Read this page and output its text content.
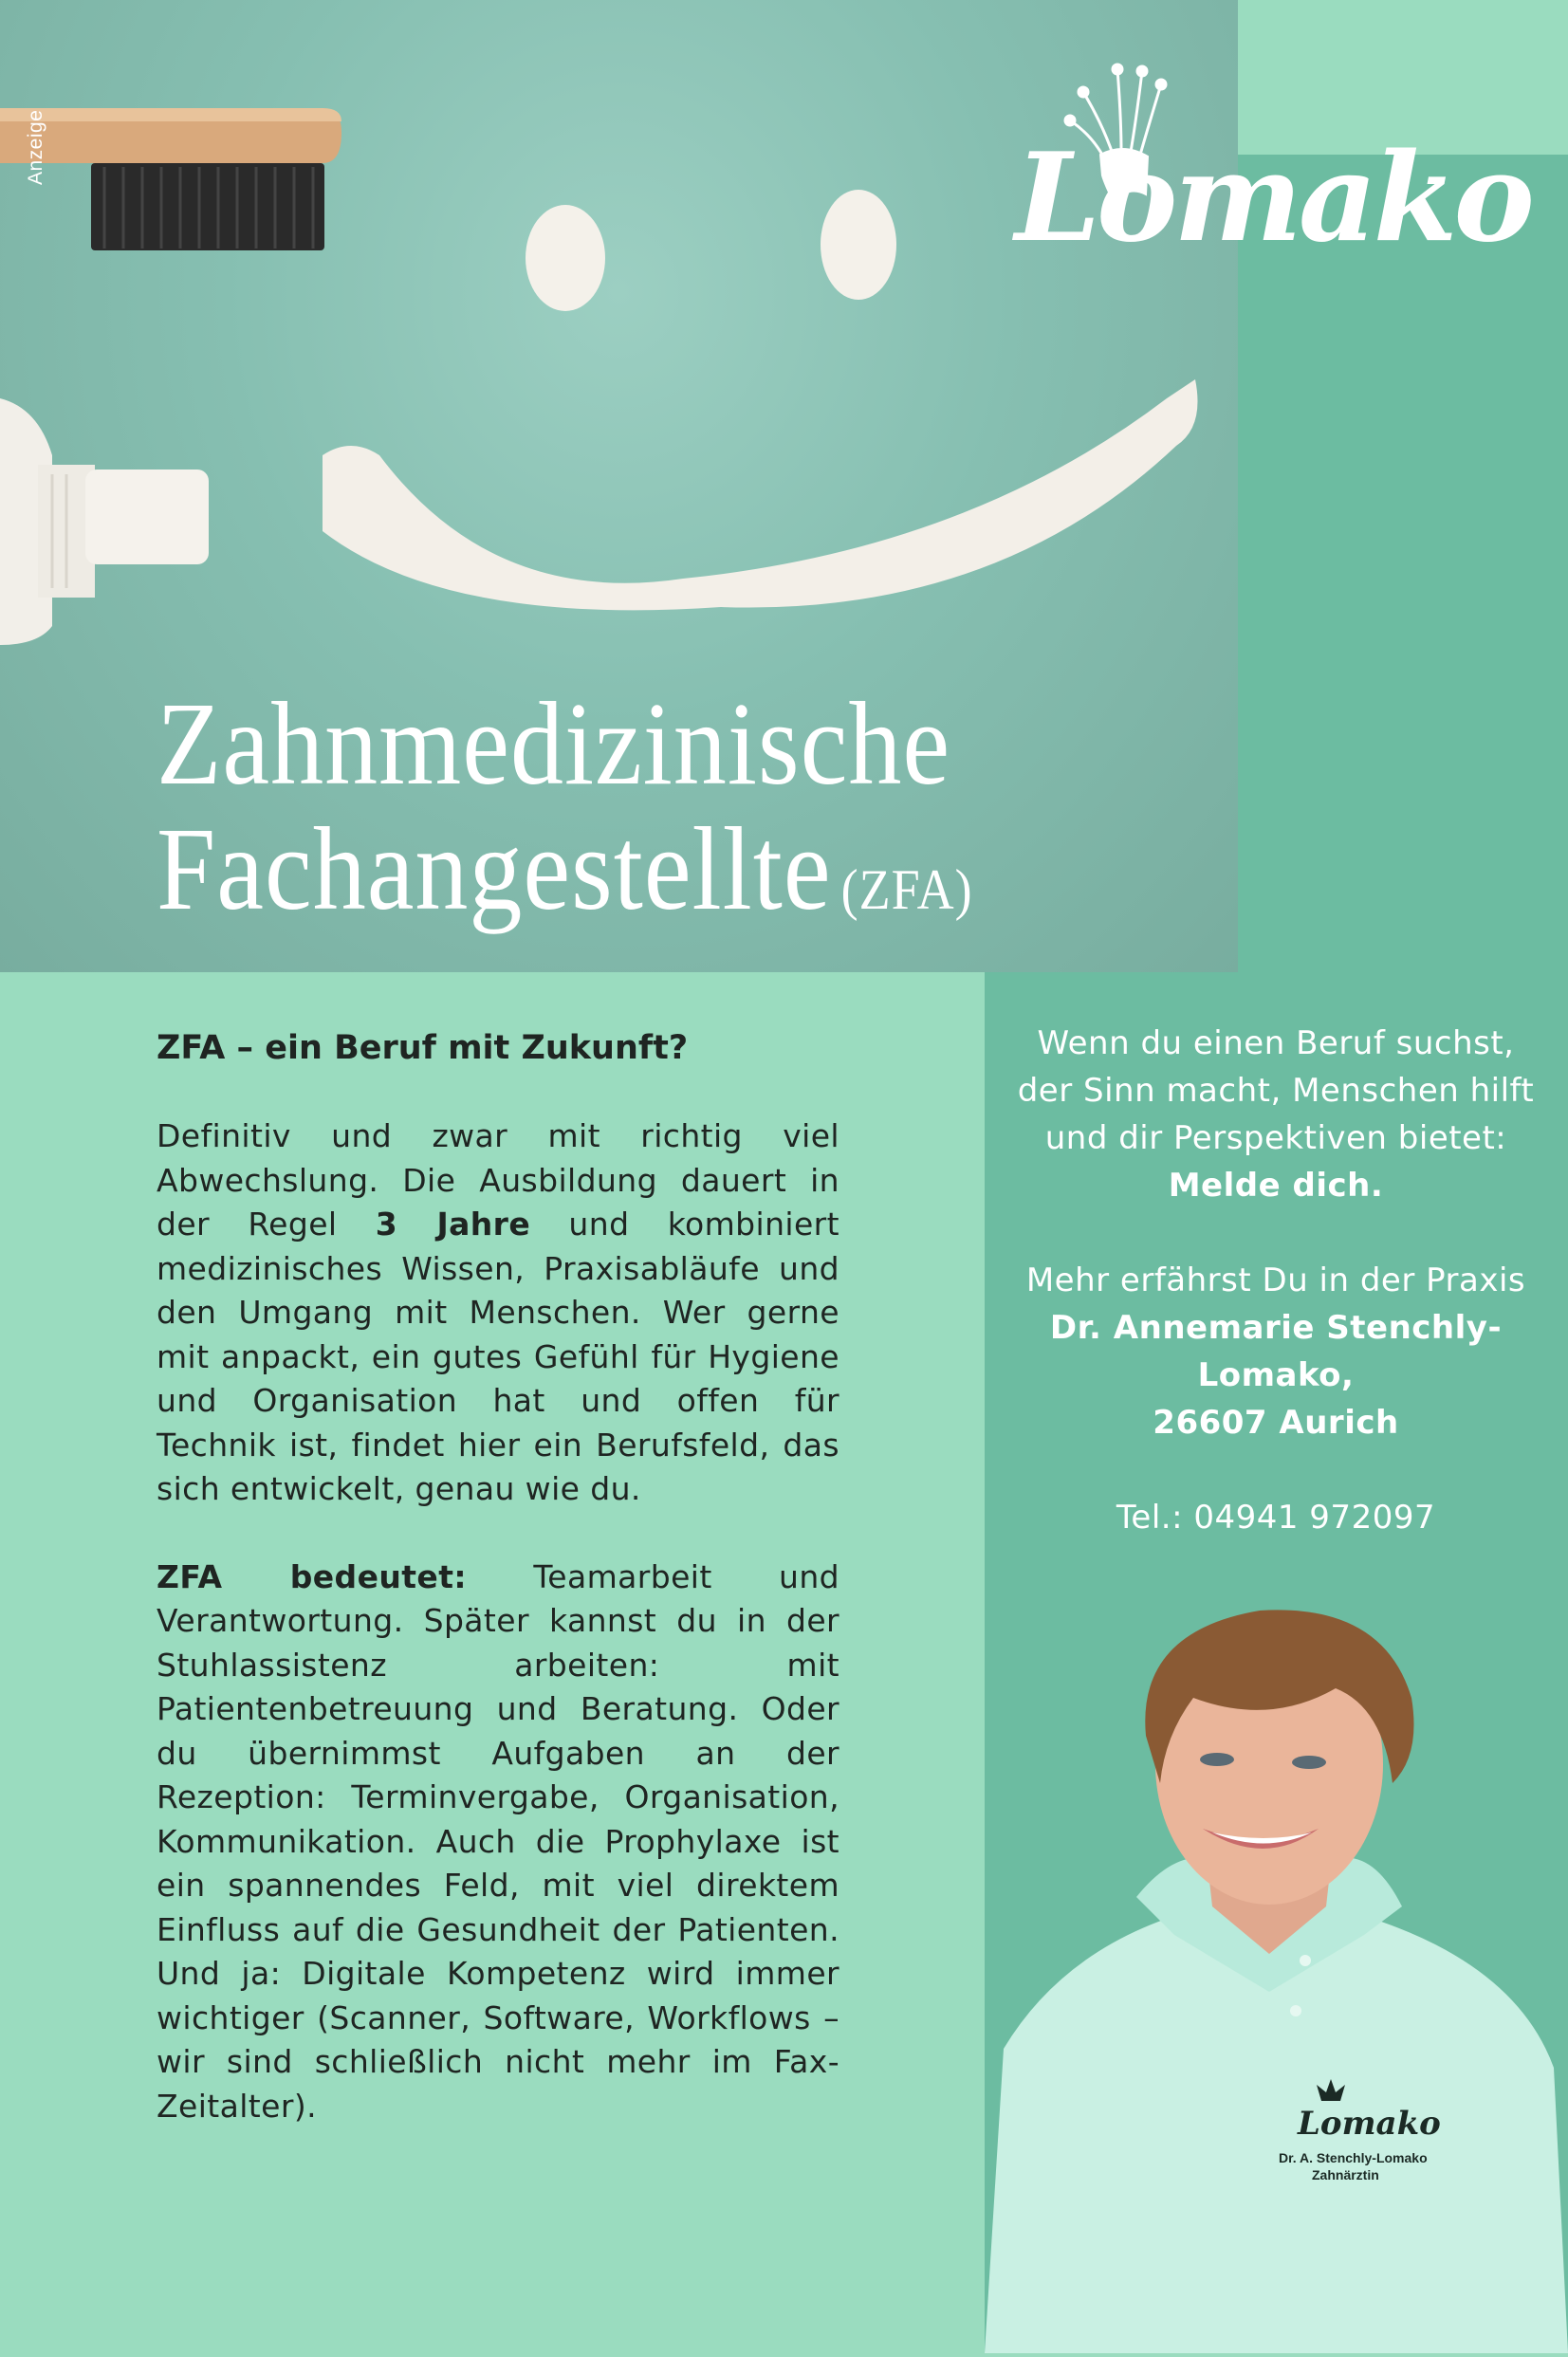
Anzeige
Zahnmedizinische
Fachangestellte (ZFA)
Lomako
ZFA – ein Beruf mit Zukunft?

Definitiv und zwar mit richtig viel Abwechslung. Die Ausbildung dauert in der Regel 3 Jahre und kombiniert medizinisches Wissen, Praxisabläufe und den Umgang mit Menschen. Wer gerne mit anpackt, ein gutes Gefühl für Hygiene und Organisation hat und offen für Technik ist, findet hier ein Berufsfeld, das sich entwickelt, genau wie du.

ZFA bedeutet: Teamarbeit und Verantwortung. Später kannst du in der Stuhlassistenz arbeiten: mit Patientenbetreuung und Beratung. Oder du übernimmst Aufgaben an der Rezeption: Terminvergabe, Organisation, Kommunikation. Auch die Prophylaxe ist ein spannendes Feld, mit viel direktem Einfluss auf die Gesundheit der Patienten. Und ja: Digitale Kompetenz wird immer wichtiger (Scanner, Software, Workflows – wir sind schließlich nicht mehr im Fax-Zeitalter).

Wenn du einen Beruf suchst, der Sinn macht, Menschen hilft und dir Perspektiven bietet:
Melde dich.

Mehr erfährst Du in der Praxis Dr. Annemarie Stenchly-Lomako,
26607 Aurich

Tel.: 04941 972097

Lomako
Dr. A. Stenchly-Lomako
Zahnärztin
